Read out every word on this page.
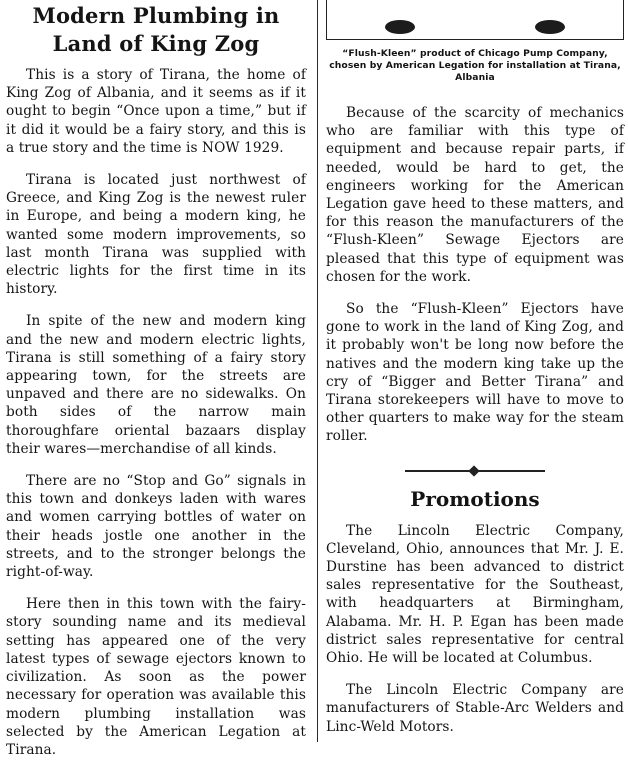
Modern Plumbing in Land of King Zog

This is a story of Tirana, the home of King Zog of Albania, and it seems as if it ought to begin “Once upon a time,” but if it did it would be a fairy story, and this is a true story and the time is NOW 1929.

Tirana is located just northwest of Greece, and King Zog is the newest ruler in Europe, and being a modern king, he wanted some modern improvements, so last month Tirana was supplied with electric lights for the first time in its history.

In spite of the new and modern king and the new and modern electric lights, Tirana is still something of a fairy story appearing town, for the streets are unpaved and there are no sidewalks. On both sides of the narrow main thoroughfare oriental bazaars display their wares—merchandise of all kinds.

There are no “Stop and Go” signals in this town and donkeys laden with wares and women carrying bottles of water on their heads jostle one another in the streets, and to the stronger belongs the right-of-way.

Here then in this town with the fairy-story sounding name and its medieval setting has appeared one of the very latest types of sewage ejectors known to civilization. As soon as the power necessary for operation was available this modern plumbing installation was selected by the American Legation at Tirana.

“Flush-Kleen” product of Chicago Pump Company, chosen by American Legation for installation at Tirana, Albania

Because of the scarcity of mechanics who are familiar with this type of equipment and because repair parts, if needed, would be hard to get, the engineers working for the American Legation gave heed to these matters, and for this reason the manufacturers of the “Flush-Kleen” Sewage Ejectors are pleased that this type of equipment was chosen for the work.

So the “Flush-Kleen” Ejectors have gone to work in the land of King Zog, and it probably won't be long now before the natives and the modern king take up the cry of “Bigger and Better Tirana” and Tirana storekeepers will have to move to other quarters to make way for the steam roller.

Promotions

The Lincoln Electric Company, Cleveland, Ohio, announces that Mr. J. E. Durstine has been advanced to district sales representative for the Southeast, with headquarters at Birmingham, Alabama. Mr. H. P. Egan has been made district sales representative for central Ohio. He will be located at Columbus.

The Lincoln Electric Company are manufacturers of Stable-Arc Welders and Linc-Weld Motors.
